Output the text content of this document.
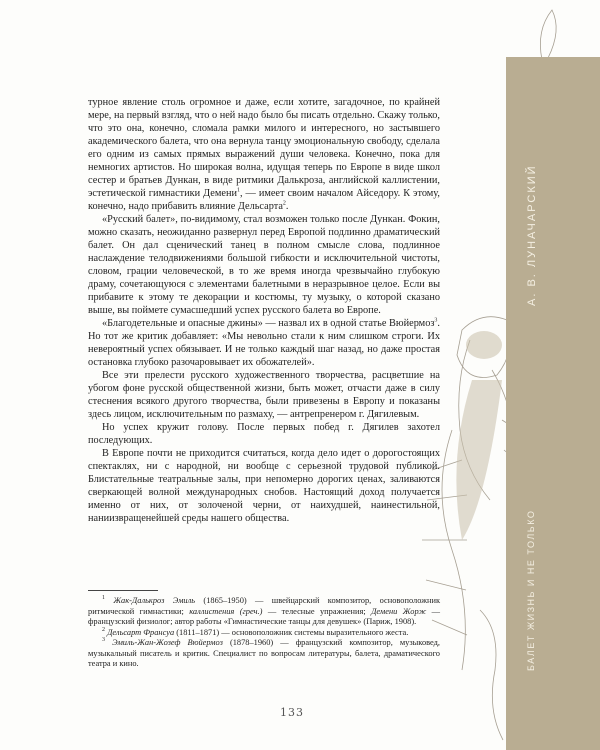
А. В. ЛУНАЧАРСКИЙ
БАЛЕТ ЖИЗНЬ И НЕ ТОЛЬКО

турное явление столь огромное и даже, если хотите, загадочное, по крайней мере, на первый взгляд, что о ней надо было бы писать отдельно. Скажу только, что это она, конечно, сломала рамки милого и интересного, но застывшего академического балета, что она вернула танцу эмоциональную свободу, сделала его одним из самых прямых выражений души человека. Конечно, пока для немногих артистов. Но широкая волна, идущая теперь по Европе в виде школ сестер и братьев Дункан, в виде ритмики Далькроза, английской каллистении, эстетической гимнастики Демени$^1$, — имеет своим началом Айседору. К этому, конечно, надо прибавить влияние Дельсарта$^2$.

«Русский балет», по-видимому, стал возможен только после Дункан. Фокин, можно сказать, неожиданно развернул перед Европой подлинно драматический балет. Он дал сценический танец в полном смысле слова, подлинное наслаждение телодвижениями большой гибкости и исключительной чистоты, словом, грации человеческой, в то же время иногда чрезвычайно глубокую драму, сочетающуюся с элементами балетными в неразрывное целое. Если вы прибавите к этому те декорации и костюмы, ту музыку, о которой сказано выше, вы поймете сумасшедший успех русского балета во Европе.

«Благодетельные и опасные джины» — назвал их в одной статье Вюйермоз$^3$. Но тот же критик добавляет: «Мы невольно стали к ним слишком строги. Их невероятный успех обязывает. И не только каждый шаг назад, но даже простая остановка глубоко разочаровывает их обожателей».

Все эти прелести русского художественного творчества, расцветшие на убогом фоне русской общественной жизни, быть может, отчасти даже в силу стеснения всякого другого творчества, были привезены в Европу и показаны здесь лицом, исключительным по размаху, — антрепренером г. Дягилевым.

Но успех кружит голову. После первых побед г. Дягилев захотел последующих.

В Европе почти не приходится считаться, когда дело идет о дорогостоящих спектаклях, ни с народной, ни вообще с серьезной трудовой публикой. Блистательные театральные залы, при непомерно дорогих ценах, заливаются сверкающей волной международных снобов. Настоящий доход получается именно от них, от золоченой черни, от наихудшей, наинестильной, наниизвращенейшей среды нашего общества.

$^1$ Жак-Далькроз Эмиль (1865–1950) — швейцарский композитор, основоположник ритмической гимнастики; каллистения (греч.) — телесные упражнения; Демени Жорж — французский физиолог; автор работы «Гимнастические танцы для девушек» (Париж, 1908).

$^2$ Дельсарт Франсуа (1811–1871) — основоположник системы выразительного жеста.

$^3$ Эмиль-Жан-Жозеф Вюйермоз (1878–1960) — французский композитор, музыковед, музыкальный писатель и критик. Специалист по вопросам литературы, балета, драматического театра и кино.

133
